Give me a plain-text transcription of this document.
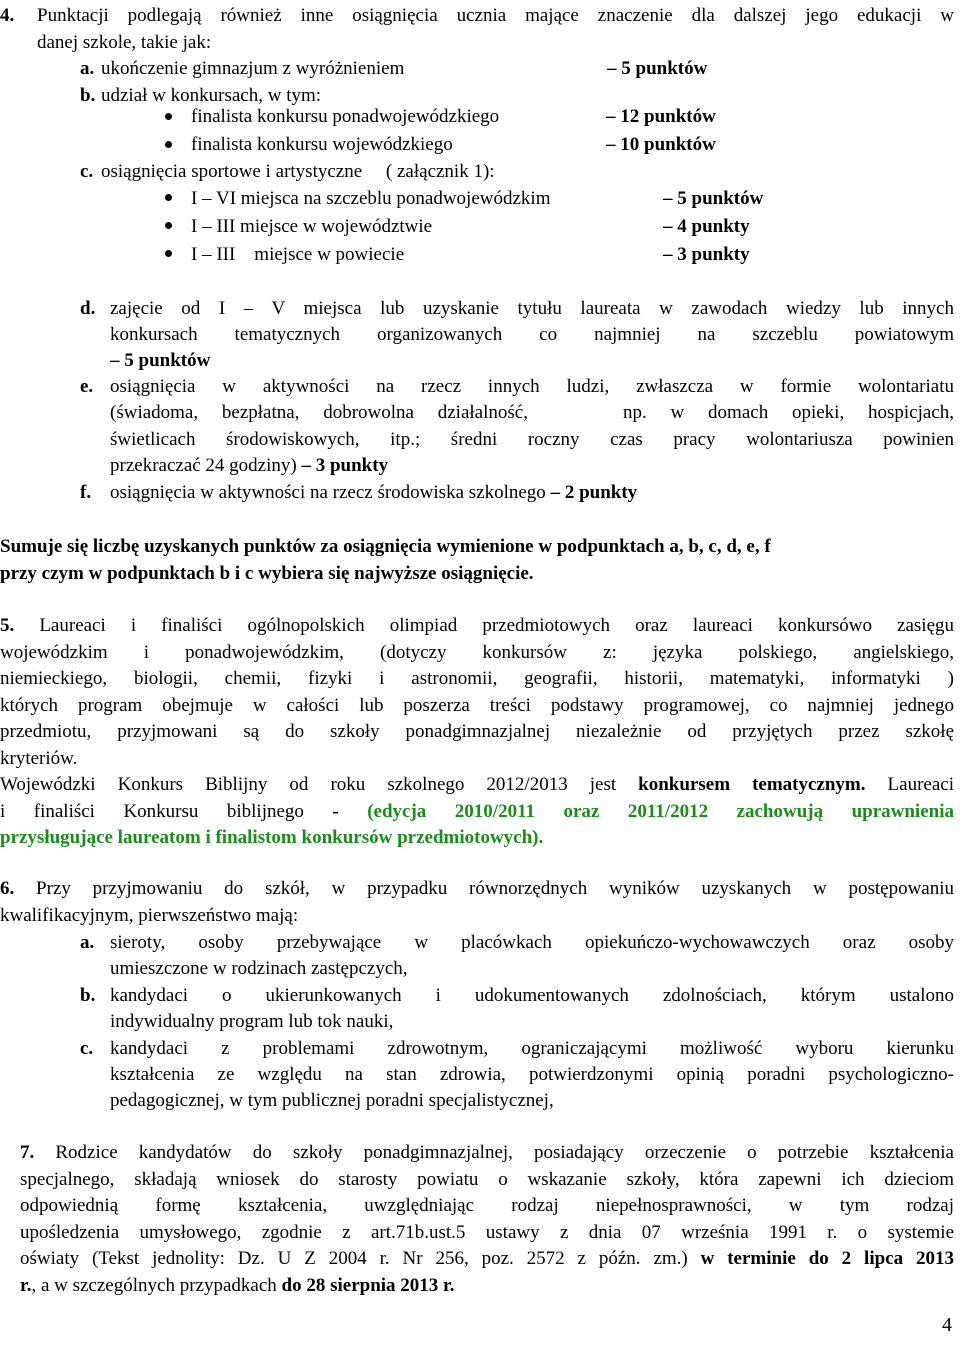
4. Punktacji podlegają również inne osiągnięcia ucznia mające znaczenie dla dalszej jego edukacji w
danej szkole, takie jak:
a. ukończenie gimnazjum z wyróżnieniem	– 5 punktów
b. udział w konkursach, w tym:
finalista konkursu ponadwojewódzkiego	– 12 punktów
finalista konkursu wojewódzkiego	– 10 punktów
c. osiągnięcia sportowe i artystyczne     ( załącznik 1):
I – VI miejsca na szczeblu ponadwojewódzkim	– 5 punktów
I – III miejsce w województwie	– 4 punkty
I – III    miejsce w powiecie	– 3 punkty
d. zajęcie od I – V miejsca lub uzyskanie tytułu laureata w zawodach wiedzy lub innych
konkursach tematycznych organizowanych co najmniej na szczeblu powiatowym
– 5 punktów
e. osiągnięcia w aktywności na rzecz innych ludzi, zwłaszcza w formie wolontariatu
(świadoma, bezpłatna, dobrowolna działalność,    np. w domach opieki, hospicjach,
świetlicach środowiskowych, itp.; średni roczny czas pracy wolontariusza powinien
przekraczać 24 godziny) – 3 punkty
f. osiągnięcia w aktywności na rzecz środowiska szkolnego – 2 punkty
Sumuje się liczbę uzyskanych punktów za osiągnięcia wymienione w podpunktach a, b, c, d, e, f
przy czym w podpunktach b i c wybiera się najwyższe osiągnięcie.
5. Laureaci i finaliści ogólnopolskich olimpiad przedmiotowych oraz laureaci konkursówo zasięgu
wojewódzkim i ponadwojewódzkim, (dotyczy konkursów z: języka polskiego, angielskiego,
niemieckiego, biologii, chemii, fizyki i astronomii, geografii, historii, matematyki, informatyki )
których program obejmuje w całości lub poszerza treści podstawy programowej, co najmniej jednego
przedmiotu, przyjmowani są do szkoły ponadgimnazjalnej niezależnie od przyjętych przez szkołę
kryteriów.
Wojewódzki Konkurs Biblijny od roku szkolnego 2012/2013 jest konkursem tematycznym. Laureaci
i finaliści Konkursu biblijnego - (edycja 2010/2011 oraz 2011/2012 zachowują uprawnienia
przysługujące laureatom i finalistom konkursów przedmiotowych).
6. Przy przyjmowaniu do szkół, w przypadku równorzędnych wyników uzyskanych w postępowaniu
kwalifikacyjnym, pierwszeństwo mają:
a. sieroty, osoby przebywające w placówkach opiekuńczo-wychowawczych oraz osoby
umieszczone w rodzinach zastępczych,
b. kandydaci o ukierunkowanych i udokumentowanych zdolnościach, którym ustalono
indywidualny program lub tok nauki,
c. kandydaci z problemami zdrowotnym, ograniczającymi możliwość wyboru kierunku
kształcenia ze względu na stan zdrowia, potwierdzonymi opinią poradni psychologiczno-
pedagogicznej, w tym publicznej poradni specjalistycznej,
7. Rodzice kandydatów do szkoły ponadgimnazjalnej, posiadający orzeczenie o potrzebie kształcenia
specjalnego, składają wniosek do starosty powiatu o wskazanie szkoły, która zapewni ich dzieciom
odpowiednią formę kształcenia, uwzględniając rodzaj niepełnosprawności, w tym rodzaj
upośledzenia umysłowego, zgodnie z art.71b.ust.5 ustawy z dnia 07 września 1991 r. o systemie
oświaty (Tekst jednolity: Dz. U Z 2004 r. Nr 256, poz. 2572 z późn. zm.) w terminie do 2 lipca 2013
r., a w szczególnych przypadkach do 28 sierpnia 2013 r.
4
